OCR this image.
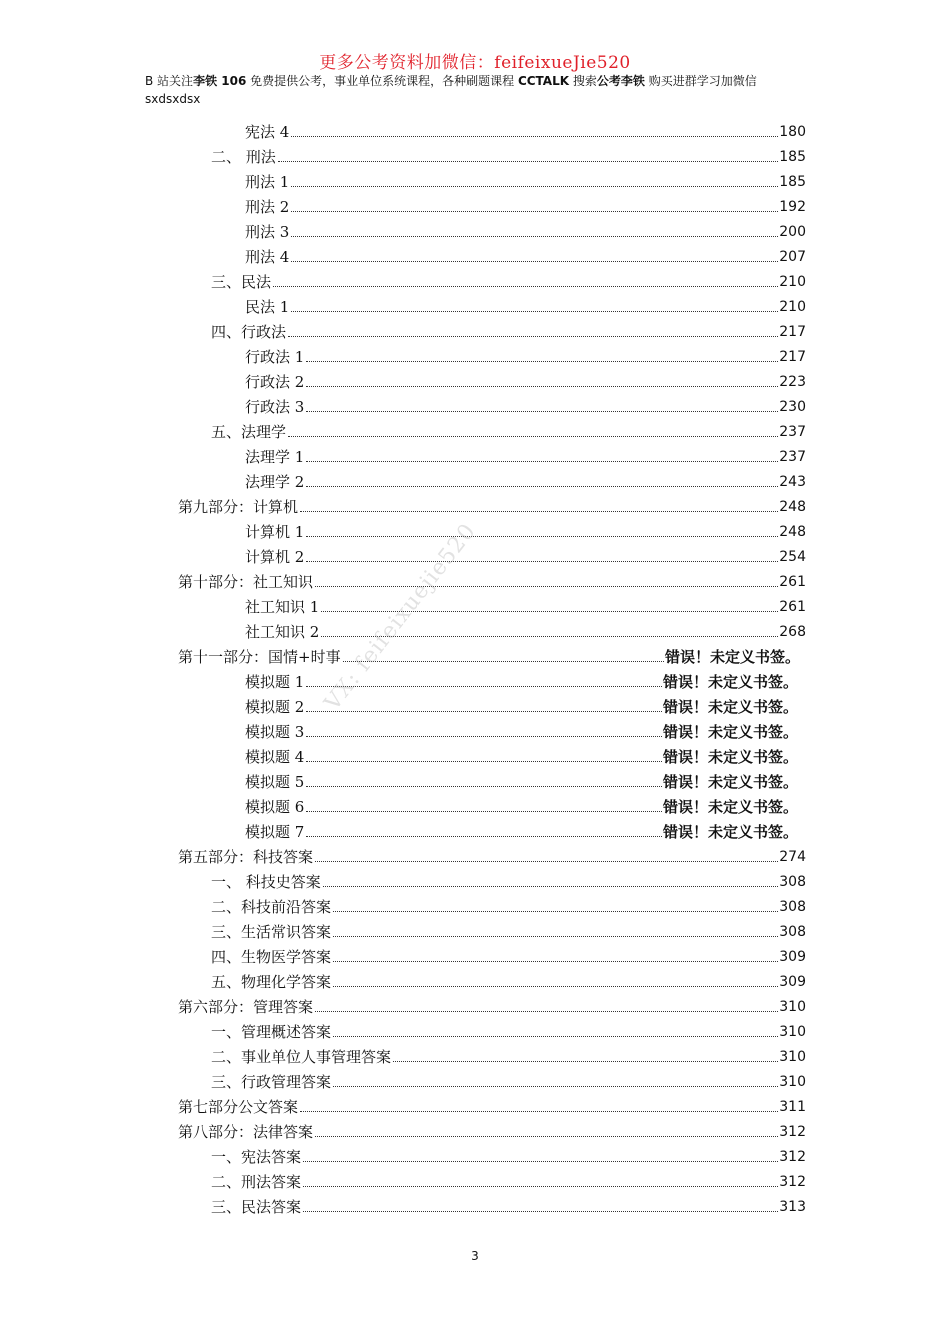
更多公考资料加微信：feifeixueJie520
B 站关注李铁 106 免费提供公考，事业单位系统课程，各种刷题课程 CCTALK 搜索公考李铁 购买进群学习加微信 sxdsxdsx
宪法 4	180
二、 刑法	185
刑法 1	185
刑法 2	192
刑法 3	200
刑法 4	207
三、民法	210
民法 1	210
四、行政法	217
行政法 1	217
行政法 2	223
行政法 3	230
五、法理学	237
法理学 1	237
法理学 2	243
第九部分：计算机	248
计算机 1	248
计算机 2	254
第十部分：社工知识	261
社工知识 1	261
社工知识 2	268
第十一部分：国情+时事	错误！未定义书签。
模拟题 1	错误！未定义书签。
模拟题 2	错误！未定义书签。
模拟题 3	错误！未定义书签。
模拟题 4	错误！未定义书签。
模拟题 5	错误！未定义书签。
模拟题 6	错误！未定义书签。
模拟题 7	错误！未定义书签。
第五部分：科技答案	274
一、 科技史答案	308
二、科技前沿答案	308
三、生活常识答案	308
四、生物医学答案	309
五、物理化学答案	309
第六部分：管理答案	310
一、管理概述答案	310
二、事业单位人事管理答案	310
三、行政管理答案	310
第七部分公文答案	311
第八部分：法律答案	312
一、宪法答案	312
二、刑法答案	312
三、民法答案	313
VX: feifeixuejie520
3
